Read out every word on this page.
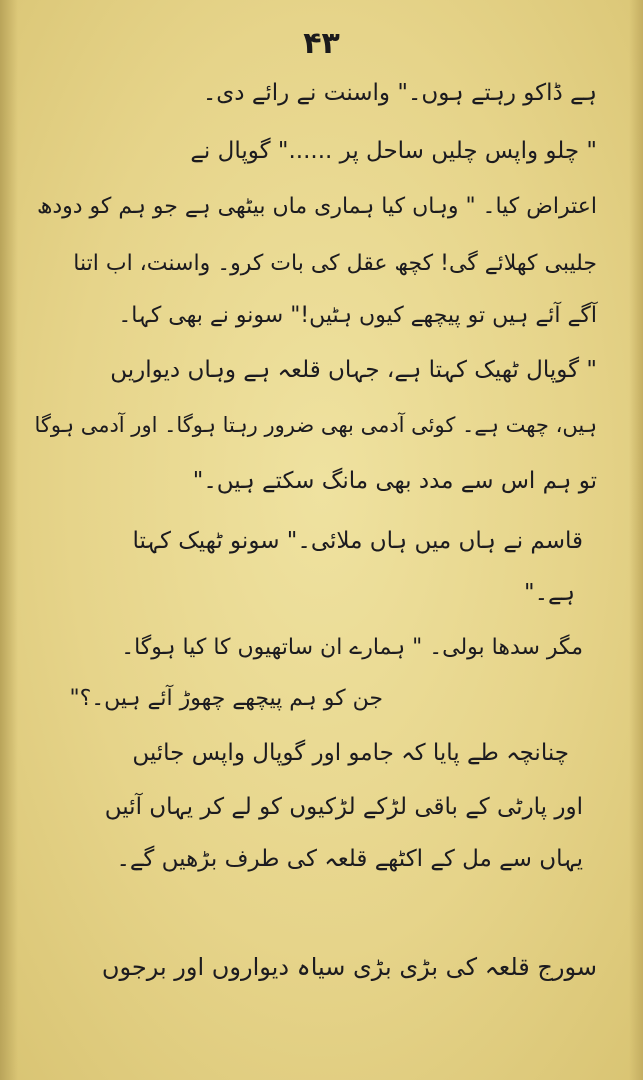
۴۳
ہے ڈاکو رہتے ہوں۔" واسنت نے رائے دی۔
" چلو واپس چلیں ساحل پر ......" گوپال نے
اعتراض کیا۔ " وہاں کیا ہماری ماں بیٹھی ہے جو ہم کو دودھ
جلیبی کھلائے گی! کچھ عقل کی بات کرو۔ واسنت، اب اتنا
آگے آئے ہیں تو پیچھے کیوں ہٹیں!" سونو نے بھی کہا۔
" گوپال ٹھیک کہتا ہے، جہاں قلعہ ہے وہاں دیواریں
ہیں، چھت ہے۔ کوئی آدمی بھی ضرور رہتا ہوگا۔ اور آدمی ہوگا
تو ہم اس سے مدد بھی مانگ سکتے ہیں۔"
قاسم نے ہاں میں ہاں ملائی۔" سونو ٹھیک کہتا
ہے۔"
مگر سدھا بولی۔ " ہمارے ان ساتھیوں کا کیا ہوگا۔
جن کو ہم پیچھے چھوڑ آئے ہیں۔؟"
چنانچہ طے پایا کہ جامو اور گوپال واپس جائیں
اور پارٹی کے باقی لڑکے لڑکیوں کو لے کر یہاں آئیں
یہاں سے مل کے اکٹھے قلعہ کی طرف بڑھیں گے۔
سورج قلعہ کی بڑی بڑی سیاہ دیواروں اور برجوں
